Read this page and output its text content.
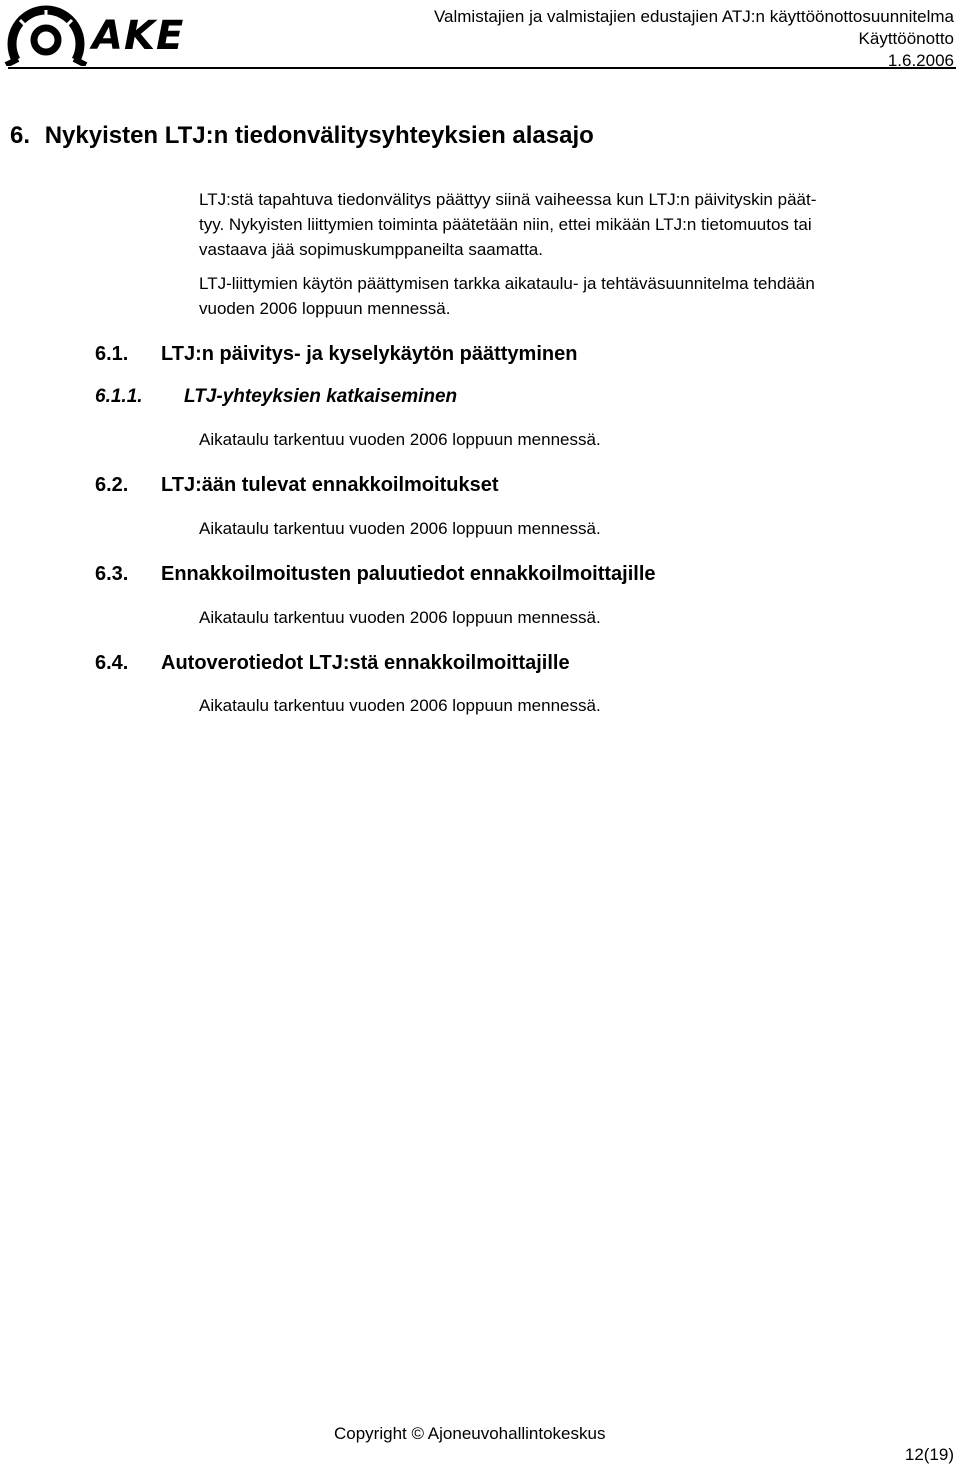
AKE	Valmistajien ja valmistajien edustajien ATJ:n käyttöönottosuunnitelma
Käyttöönotto
1.6.2006
6. Nykyisten LTJ:n tiedonvälitysyhteyksien alasajo
LTJ:stä tapahtuva tiedonvälitys päättyy siinä vaiheessa kun LTJ:n päivityskin päät-
tyy. Nykyisten liittymien toiminta päätetään niin, ettei mikään LTJ:n tietomuutos tai
vastaava jää sopimuskumppaneilta saamatta.
LTJ-liittymien käytön päättymisen tarkka aikataulu- ja tehtäväsuunnitelma tehdään
vuoden 2006 loppuun mennessä.
6.1. LTJ:n päivitys- ja kyselykäytön päättyminen
6.1.1. LTJ-yhteyksien katkaiseminen
Aikataulu tarkentuu vuoden 2006 loppuun mennessä.
6.2. LTJ:ään tulevat ennakkoilmoitukset
Aikataulu tarkentuu vuoden 2006 loppuun mennessä.
6.3. Ennakkoilmoitusten paluutiedot ennakkoilmoittajille
Aikataulu tarkentuu vuoden 2006 loppuun mennessä.
6.4. Autoverotiedot LTJ:stä ennakkoilmoittajille
Aikataulu tarkentuu vuoden 2006 loppuun mennessä.
Copyright © Ajoneuvohallintokeskus
12(19)
